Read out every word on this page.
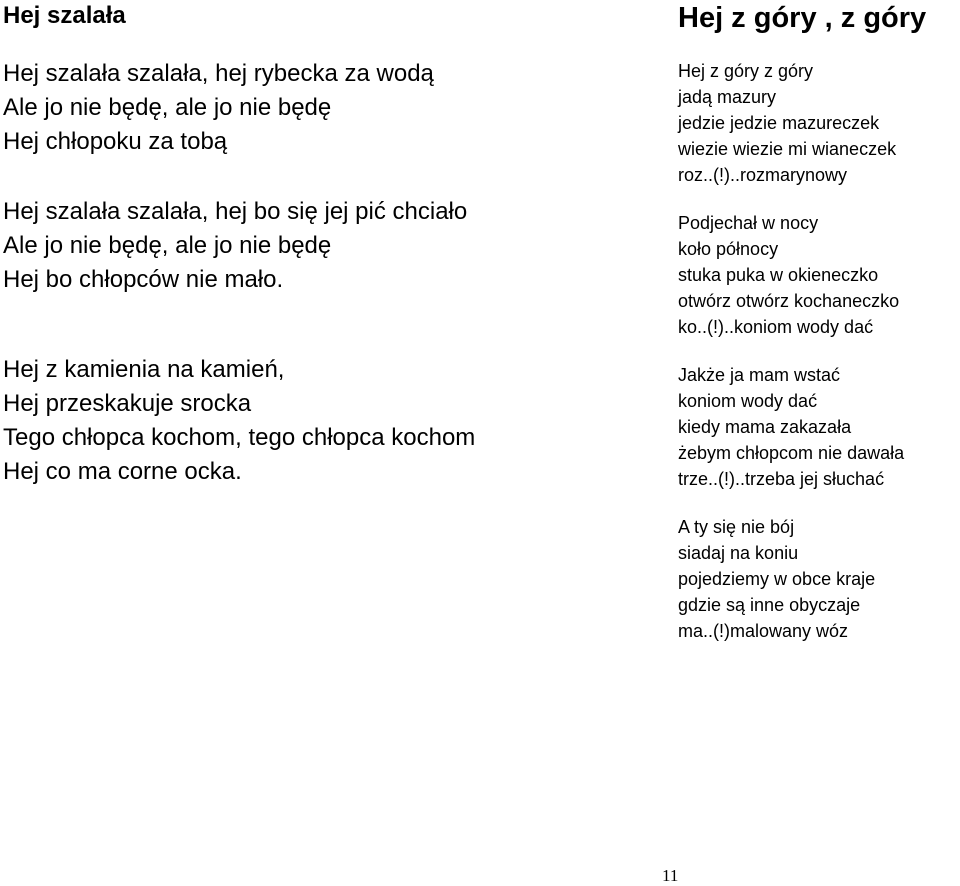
Hej szalała
Hej szalała szalała, hej rybecka za wodą
Ale jo nie będę, ale jo nie będę
Hej chłopoku za tobą
Hej szalała szalała, hej bo się jej pić chciało
Ale jo nie będę, ale jo nie będę
Hej bo chłopców nie mało.
Hej z kamienia na kamień,
Hej przeskakuje srocka
Tego chłopca kochom, tego chłopca kochom
Hej co ma corne ocka.
Hej z góry , z góry
Hej z góry z góry
jadą mazury
jedzie jedzie mazureczek
wiezie wiezie mi wianeczek
roz..(!)..rozmarynowy
Podjechał w nocy
koło północy
stuka puka w okieneczko
otwórz otwórz kochaneczko
ko..(!)..koniom wody dać
Jakże ja mam wstać
koniom wody dać
kiedy mama zakazała
żebym chłopcom nie dawała
trze..(!)..trzeba jej słuchać
A ty się nie bój
siadaj na koniu
pojedziemy w obce kraje
gdzie są inne obyczaje
ma..(!)malowany wóz
11
